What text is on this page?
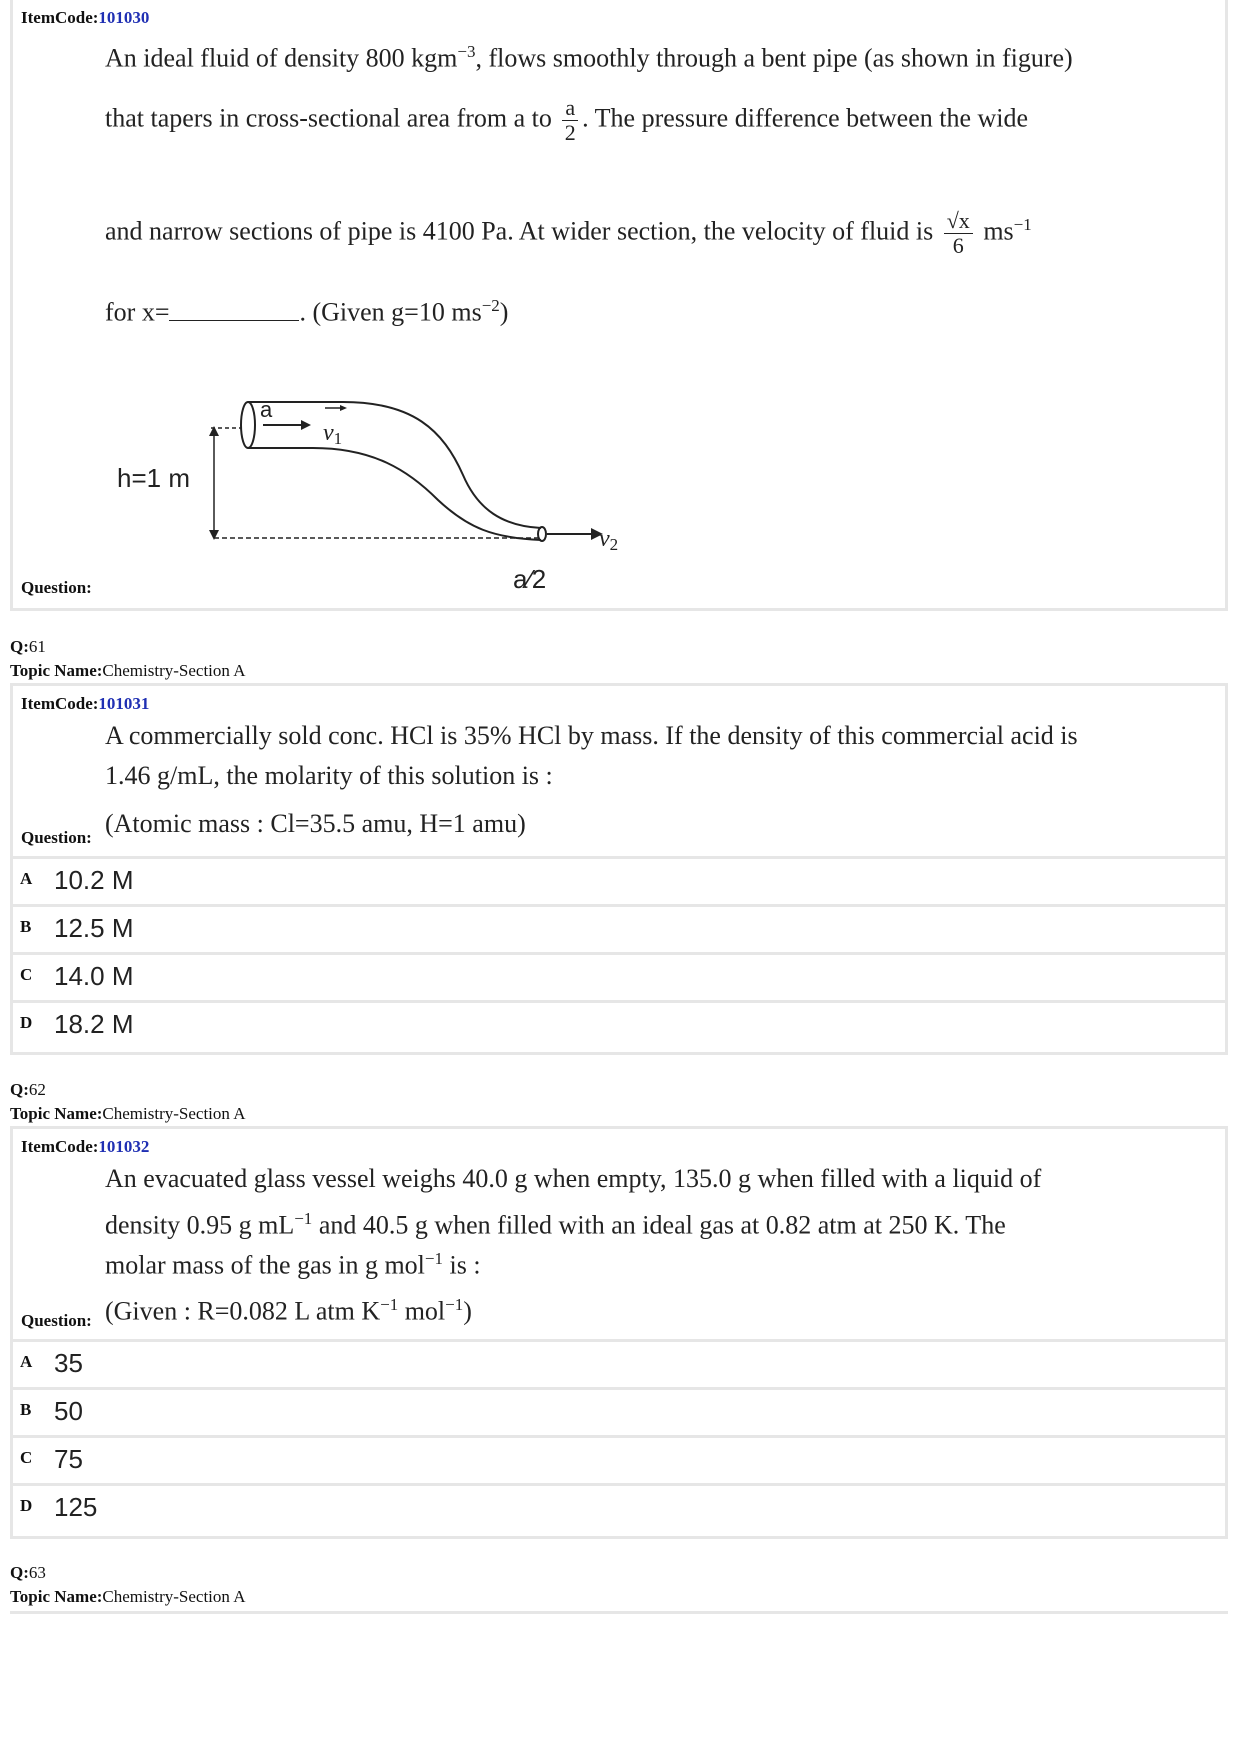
ItemCode:101030
An ideal fluid of density 800 kgm$^{-3}$, flows smoothly through a bent pipe (as shown in figure)
that tapers in cross-sectional area from a to $\frac{a}{2}$ . The pressure difference between the wide
and narrow sections of pipe is 4100 Pa. At wider section, the velocity of fluid is $\frac{√x}{6} ms^{-1}$
for x=	. (Given g=10 $ms^{-2}$)
a
v1
h=1 m
v2
a⁄2
Question:
Q:61
Topic Name:Chemistry-Section A
ItemCode:101031
A commercially sold conc. HCl is 35% HCl by mass. If the density of this commercial acid is
1.46 g/mL, the molarity of this solution is :
(Atomic mass : Cl=35.5 amu, H=1 amu)
Question:
A 10.2 M
B 12.5 M
C 14.0 M
D 18.2 M
Q:62
Topic Name:Chemistry-Section A
ItemCode:101032
An evacuated glass vessel weighs 40.0 g when empty, 135.0 g when filled with a liquid of
density 0.95 g $mL^{-1}$ and 40.5 g when filled with an ideal gas at 0.82 atm at 250 K. The
molar mass of the gas in g mol$^{-1}$ is :
(Given : R=0.082 L atm $K^{-1}$ mol$^{-1}$)
Question:
A 35
B 50
C 75
D 125
Q:63
Topic Name:Chemistry-Section A
